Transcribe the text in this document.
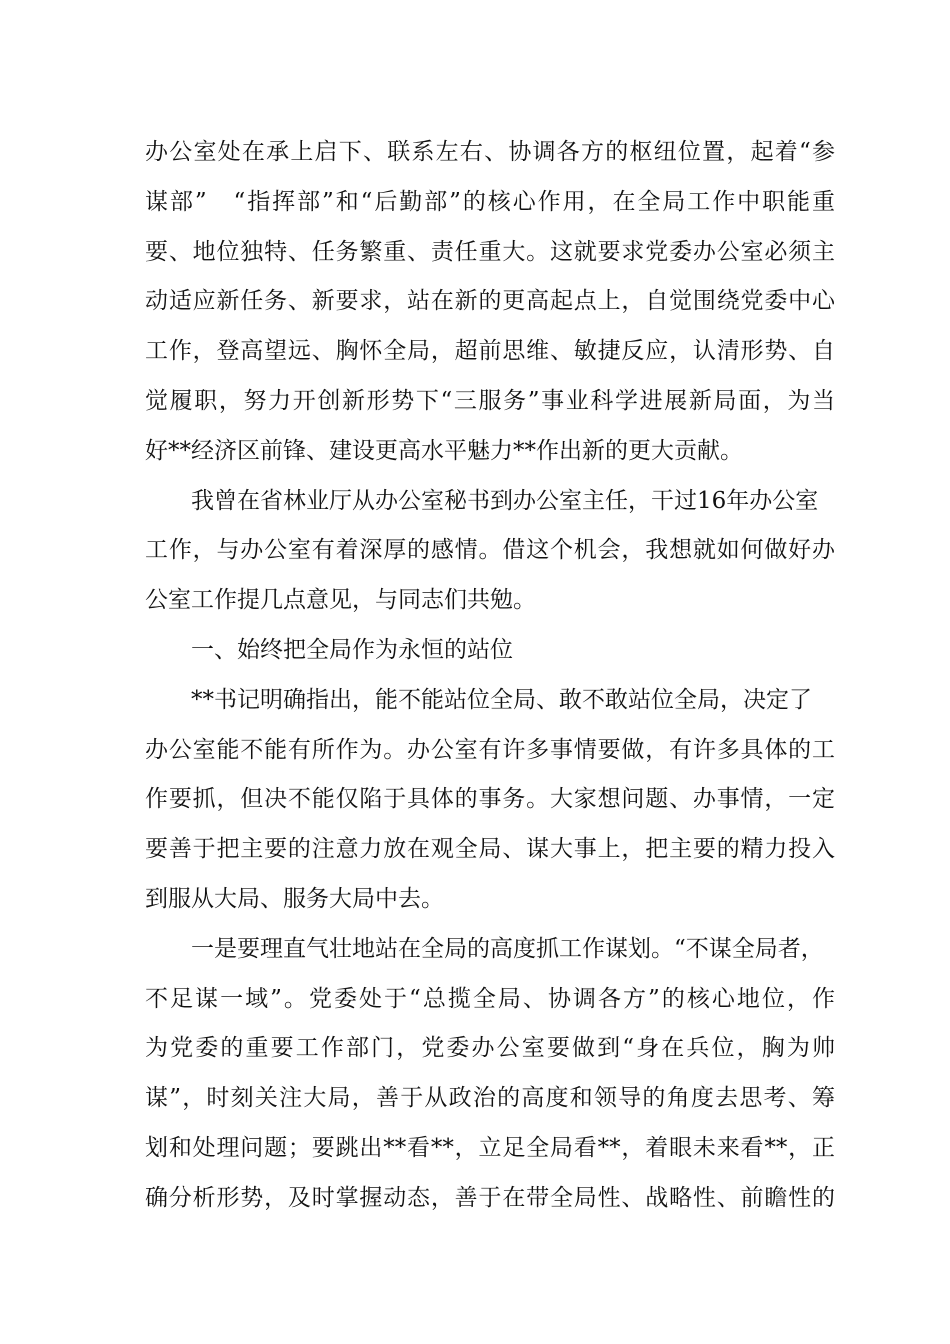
办公室处在承上启下、联系左右、协调各方的枢纽位置，起着“参
谋部”　“指挥部”和“后勤部”的核心作用，在全局工作中职能重
要、地位独特、任务繁重、责任重大。这就要求党委办公室必须主
动适应新任务、新要求，站在新的更高起点上，自觉围绕党委中心
工作，登高望远、胸怀全局，超前思维、敏捷反应，认清形势、自
觉履职，努力开创新形势下“三服务”事业科学进展新局面，为当
好**经济区前锋、建设更高水平魅力**作出新的更大贡献。
我曾在省林业厅从办公室秘书到办公室主任，干过16年办公室
工作，与办公室有着深厚的感情。借这个机会，我想就如何做好办
公室工作提几点意见，与同志们共勉。
一、始终把全局作为永恒的站位
**书记明确指出，能不能站位全局、敢不敢站位全局，决定了
办公室能不能有所作为。办公室有许多事情要做，有许多具体的工
作要抓，但决不能仅陷于具体的事务。大家想问题、办事情，一定
要善于把主要的注意力放在观全局、谋大事上，把主要的精力投入
到服从大局、服务大局中去。
一是要理直气壮地站在全局的高度抓工作谋划。“不谋全局者，
不足谋一域”。党委处于“总揽全局、协调各方”的核心地位，作
为党委的重要工作部门，党委办公室要做到“身在兵位，胸为帅
谋”，时刻关注大局，善于从政治的高度和领导的角度去思考、筹
划和处理问题；要跳出**看**，立足全局看**，着眼未来看**，正
确分析形势，及时掌握动态，善于在带全局性、战略性、前瞻性的
